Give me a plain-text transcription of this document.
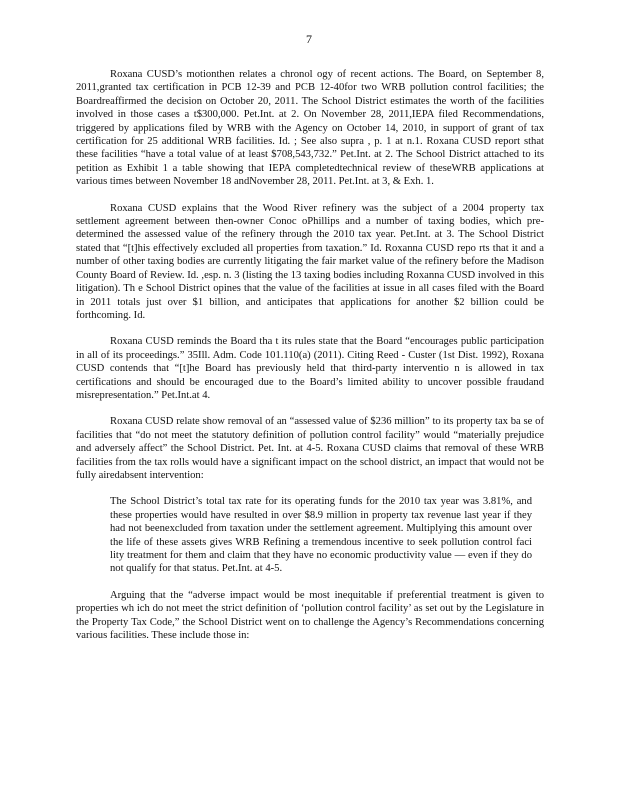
7

Roxana CUSD’s motionthen relates a chronol ogy of recent actions. The Board, on September 8, 2011,granted tax certification in PCB 12-39 and PCB 12-40for two WRB pollution control facilities; the Boardreaffirmed the decision on October 20, 2011. The School District estimates the worth of the facilities involved in those cases a t$300,000. Pet.Int. at 2. On November 28, 2011,IEPA filed Recommendations, triggered by applications filed by WRB with the Agency on October 14, 2010, in support of grant of tax certification for 25 additional WRB facilities. Id. ; See also supra , p. 1 at n.1. Roxana CUSD report sthat these facilities “have a total value of at least $708,543,732.” Pet.Int. at 2. The School District attached to its petition as Exhibit 1 a table showing that IEPA completedtechnical review of theseWRB applications at various times between November 18 andNovember 28, 2011. Pet.Int. at 3, & Exh. 1.

Roxana CUSD explains that the Wood River refinery was the subject of a 2004 property tax settlement agreement between then-owner Conoc oPhillips and a number of taxing bodies, which pre-determined the assessed value of the refinery through the 2010 tax year. Pet.Int. at 3. The School District stated that “[t]his effectively excluded all properties from taxation.” Id. Roxanna CUSD repo rts that it and a number of other taxing bodies are currently litigating the fair market value of the refinery before the Madison County Board of Review. Id. ,esp. n. 3 (listing the 13 taxing bodies including Roxanna CUSD involved in this litigation). Th e School District opines that the value of the facilities at issue in all cases filed with the Board in 2011 totals just over $1 billion, and anticipates that applications for another $2 billion could be forthcoming. Id.

Roxana CUSD reminds the Board tha t its rules state that the Board “encourages public participation in all of its proceedings.” 35Ill. Adm. Code 101.110(a) (2011). Citing Reed - Custer (1st Dist. 1992), Roxana CUSD contends that “[t]he Board has previously held that third-party interventio n is allowed in tax certifications and should be encouraged due to the Board’s limited ability to uncover possible fraudand misrepresentation.” Pet.Int.at 4.

Roxana CUSD relate show removal of an “assessed value of $236 million” to its property tax ba se of facilities that “do not meet the statutory definition of pollution control facility” would “materially prejudice and adversely affect” the School District. Pet. Int. at 4-5. Roxana CUSD claims that removal of these WRB facilities from the tax rolls would have a significant impact on the school district, an impact that would not be fully airedabsent intervention:

The School District’s total tax rate for its operating funds for the 2010 tax year was 3.81%, and these properties would have resulted in over $8.9 million in property tax revenue last year if they had not beenexcluded from taxation under the settlement agreement. Multiplying this amount over the life of these assets gives WRB Refining a tremendous incentive to seek pollution control faci lity treatment for them and claim that they have no economic productivity value — even if they do not qualify for that status. Pet.Int. at 4-5.

Arguing that the “adverse impact would be most inequitable if preferential treatment is given to properties wh ich do not meet the strict definition of ‘pollution control facility’ as set out by the Legislature in the Property Tax Code,” the School District went on to challenge the Agency’s Recommendations concerning various facilities. These include those in:
